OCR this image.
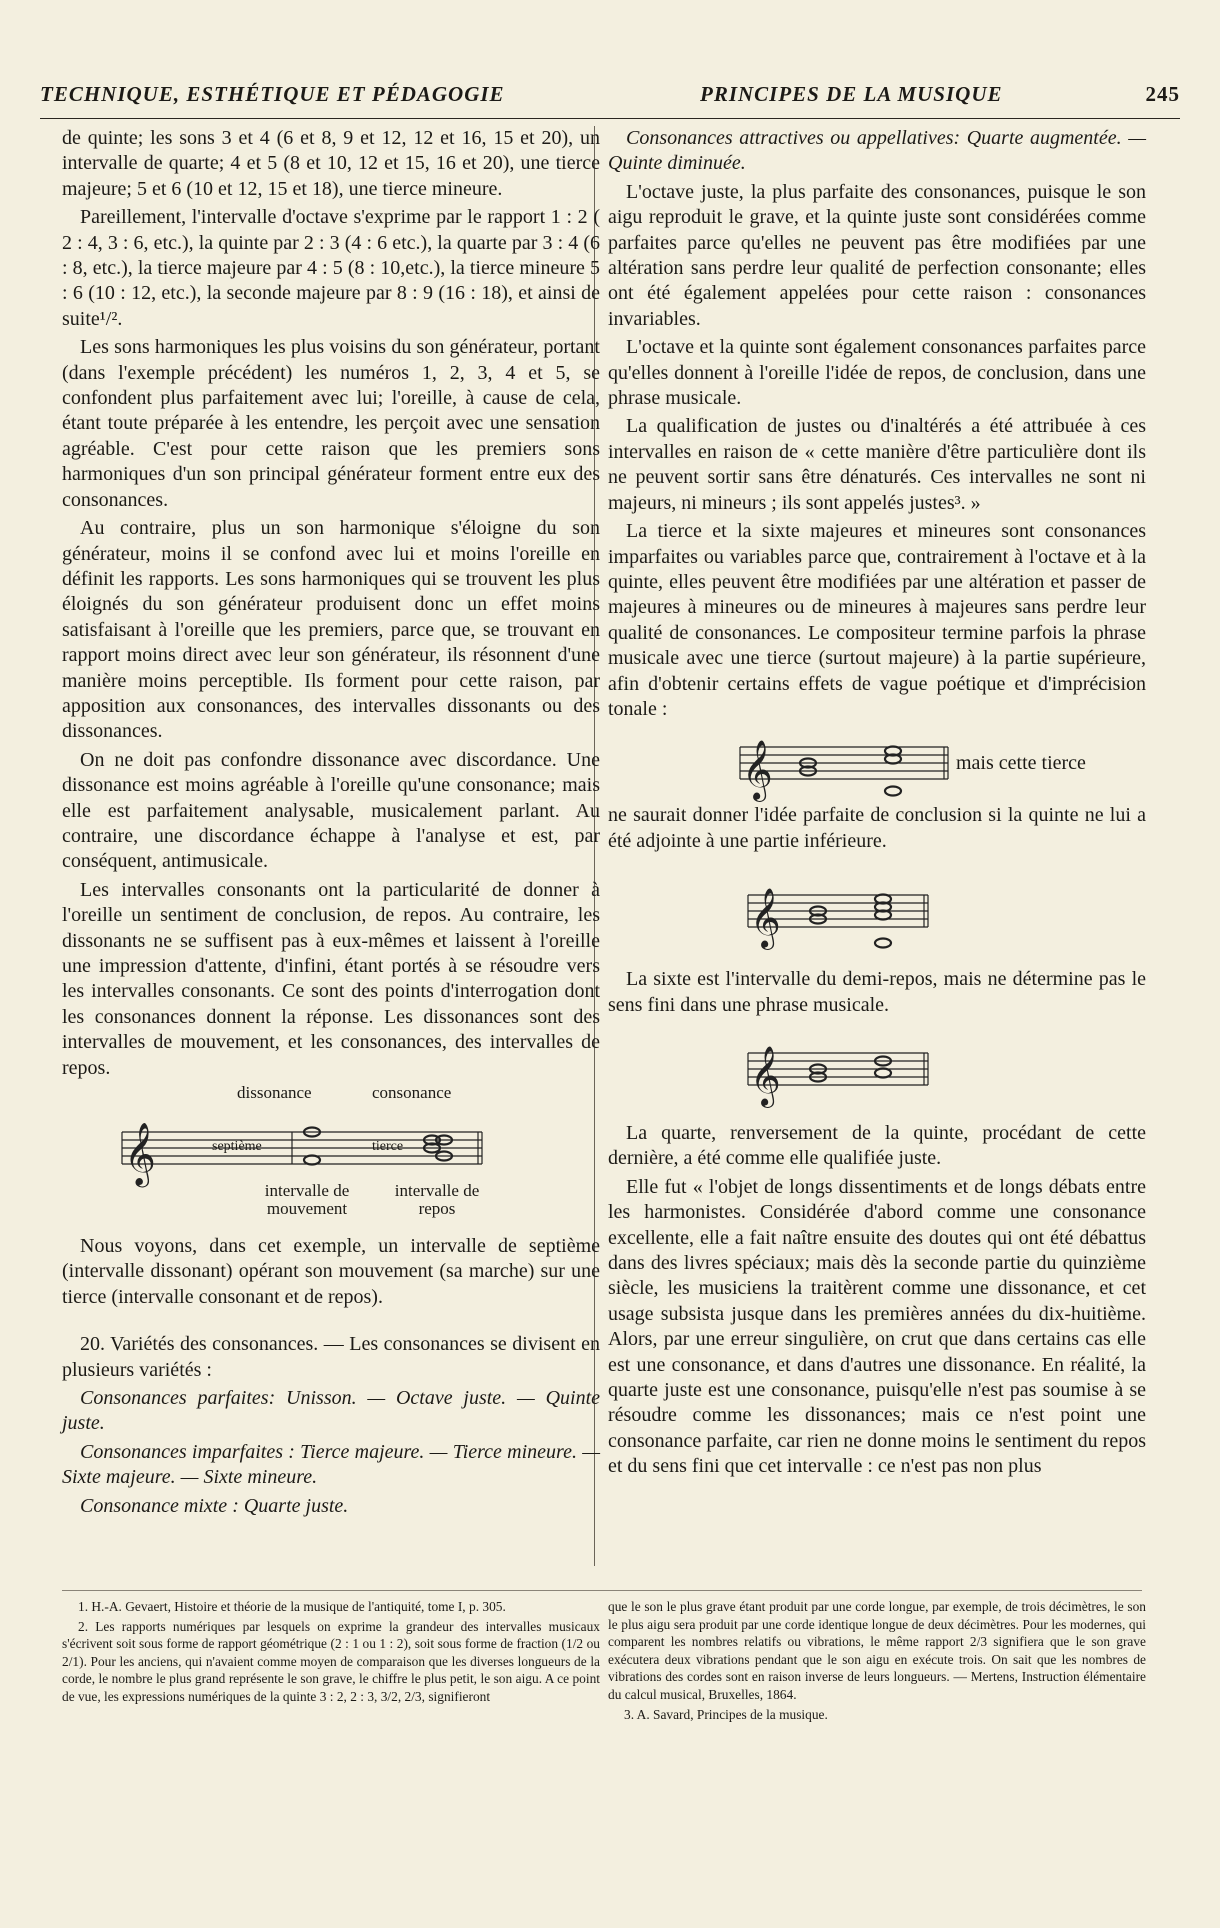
TECHNIQUE, ESTHÉTIQUE ET PÉDAGOGIE	PRINCIPES DE LA MUSIQUE	245

de quinte; les sons 3 et 4 (6 et 8, 9 et 12, 12 et 16, 15 et 20), un intervalle de quarte; 4 et 5 (8 et 10, 12 et 15, 16 et 20), une tierce majeure; 5 et 6 (10 et 12, 15 et 18), une tierce mineure.

Pareillement, l'intervalle d'octave s'exprime par le rapport 1 : 2 ( 2 : 4, 3 : 6, etc.), la quinte par 2 : 3 (4 : 6 etc.), la quarte par 3 : 4 (6 : 8, etc.), la tierce majeure par 4 : 5 (8 : 10,etc.), la tierce mineure 5 : 6 (10 : 12, etc.), la seconde majeure par 8 : 9 (16 : 18), et ainsi de suite¹/².

Les sons harmoniques les plus voisins du son générateur, portant (dans l'exemple précédent) les numéros 1, 2, 3, 4 et 5, se confondent plus parfaitement avec lui; l'oreille, à cause de cela, étant toute préparée à les entendre, les perçoit avec une sensation agréable. C'est pour cette raison que les premiers sons harmoniques d'un son principal générateur forment entre eux des consonances.

Au contraire, plus un son harmonique s'éloigne du son générateur, moins il se confond avec lui et moins l'oreille en définit les rapports. Les sons harmoniques qui se trouvent les plus éloignés du son générateur produisent donc un effet moins satisfaisant à l'oreille que les premiers, parce que, se trouvant en rapport moins direct avec leur son générateur, ils résonnent d'une manière moins perceptible. Ils forment pour cette raison, par apposition aux consonances, des intervalles dissonants ou des dissonances.

On ne doit pas confondre dissonance avec discordance. Une dissonance est moins agréable à l'oreille qu'une consonance; mais elle est parfaitement analysable, musicalement parlant. Au contraire, une discordance échappe à l'analyse et est, par conséquent, antimusicale.

Les intervalles consonants ont la particularité de donner à l'oreille un sentiment de conclusion, de repos. Au contraire, les dissonants ne se suffisent pas à eux-mêmes et laissent à l'oreille une impression d'attente, d'infini, étant portés à se résoudre vers les intervalles consonants. Ce sont des points d'interrogation dont les consonances donnent la réponse. Les dissonances sont des intervalles de mouvement, et les consonances, des intervalles de repos.

𝄞
dissonance	consonance
septième	tierce
intervalle de mouvement
intervalle de repos

Nous voyons, dans cet exemple, un intervalle de septième (intervalle dissonant) opérant son mouvement (sa marche) sur une tierce (intervalle consonant et de repos).

20. Variétés des consonances. — Les consonances se divisent en plusieurs variétés :

Consonances parfaites: Unisson. — Octave juste. — Quinte juste.

Consonances imparfaites : Tierce majeure. — Tierce mineure. — Sixte majeure. — Sixte mineure.

Consonance mixte : Quarte juste.

Consonances attractives ou appellatives: Quarte augmentée. — Quinte diminuée.

L'octave juste, la plus parfaite des consonances, puisque le son aigu reproduit le grave, et la quinte juste sont considérées comme parfaites parce qu'elles ne peuvent pas être modifiées par une altération sans perdre leur qualité de perfection consonante; elles ont été également appelées pour cette raison : consonances invariables.

L'octave et la quinte sont également consonances parfaites parce qu'elles donnent à l'oreille l'idée de repos, de conclusion, dans une phrase musicale.

La qualification de justes ou d'inaltérés a été attribuée à ces intervalles en raison de « cette manière d'être particulière dont ils ne peuvent sortir sans être dénaturés. Ces intervalles ne sont ni majeurs, ni mineurs ; ils sont appelés justes³. »

La tierce et la sixte majeures et mineures sont consonances imparfaites ou variables parce que, contrairement à l'octave et à la quinte, elles peuvent être modifiées par une altération et passer de majeures à mineures ou de mineures à majeures sans perdre leur qualité de consonances. Le compositeur termine parfois la phrase musicale avec une tierce (surtout majeure) à la partie supérieure, afin d'obtenir certains effets de vague poétique et d'imprécision tonale :

𝄞	mais cette tierce

ne saurait donner l'idée parfaite de conclusion si la quinte ne lui a été adjointe à une partie inférieure.

𝄞

La sixte est l'intervalle du demi-repos, mais ne détermine pas le sens fini dans une phrase musicale.

𝄞

La quarte, renversement de la quinte, procédant de cette dernière, a été comme elle qualifiée juste.

Elle fut « l'objet de longs dissentiments et de longs débats entre les harmonistes. Considérée d'abord comme une consonance excellente, elle a fait naître ensuite des doutes qui ont été débattus dans des livres spéciaux; mais dès la seconde partie du quinzième siècle, les musiciens la traitèrent comme une dissonance, et cet usage subsista jusque dans les premières années du dix-huitième. Alors, par une erreur singulière, on crut que dans certains cas elle est une consonance, et dans d'autres une dissonance. En réalité, la quarte juste est une consonance, puisqu'elle n'est pas soumise à se résoudre comme les dissonances; mais ce n'est point une consonance parfaite, car rien ne donne moins le sentiment du repos et du sens fini que cet intervalle : ce n'est pas non plus

1. H.-A. Gevaert, Histoire et théorie de la musique de l'antiquité, tome I, p. 305.

2. Les rapports numériques par lesquels on exprime la grandeur des intervalles musicaux s'écrivent soit sous forme de rapport géométrique (2 : 1 ou 1 : 2), soit sous forme de fraction (1/2 ou 2/1). Pour les anciens, qui n'avaient comme moyen de comparaison que les diverses longueurs de la corde, le nombre le plus grand représente le son grave, le chiffre le plus petit, le son aigu. A ce point de vue, les expressions numériques de la quinte 3 : 2, 2 : 3, 3/2, 2/3, signifieront

que le son le plus grave étant produit par une corde longue, par exemple, de trois décimètres, le son le plus aigu sera produit par une corde identique longue de deux décimètres. Pour les modernes, qui comparent les nombres relatifs ou vibrations, le même rapport 2/3 signifiera que le son grave exécutera deux vibrations pendant que le son aigu en exécute trois. On sait que les nombres de vibrations des cordes sont en raison inverse de leurs longueurs. — Mertens, Instruction élémentaire du calcul musical, Bruxelles, 1864.

3. A. Savard, Principes de la musique.
